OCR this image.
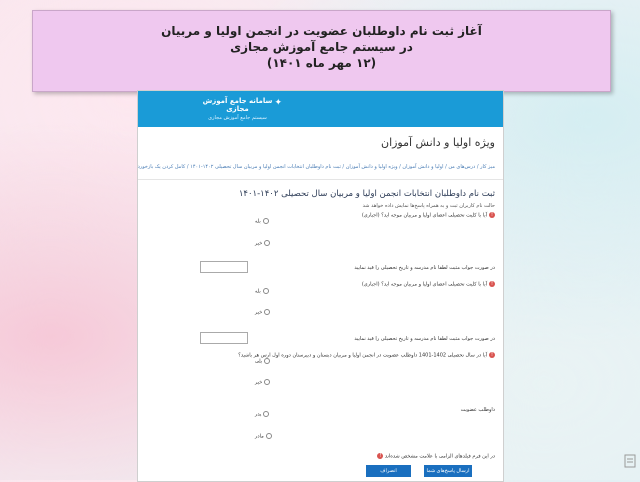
آغاز ثبت نام داوطلبان عضویت در انجمن اولیا و مربیان
در سیستم جامع آموزش مجازی
(۱۲ مهر ماه ۱۴۰۱)
سامانه جامع آموزش مجازی
سیستم جامع آموزش مجازی
✦
ویژه اولیا و دانش آموزان
میز کار / درس‌های من / اولیا و دانش آموزان / ویژه اولیا و دانش آموزان / ثبت نام داوطلبان انتخابات انجمن اولیا و مربیان سال تحصیلی ۱۴۰۲-۱۴۰۱ / کامل کردن یک بازخورد
ثبت نام داوطلبان انتخابات انجمن اولیا و مربیان سال تحصیلی ۱۴۰۲-۱۴۰۱
حالت نام کاربران ثبت و به همراه پاسخ‌ها نمایش داده خواهد شد
!آیا با کلیت تحصیلی اعضای اولیا و مربیان موجه اید؟ (اجباری)
بله
خیر
در صورت جواب مثبت لطفا نام مدرسه و تاریخ تحصیلی را قید نمایید
!آیا با کلیت تحصیلی اعضای اولیا و مربیان موجه اید؟ (اجباری)
بله
خیر
در صورت جواب مثبت لطفا نام مدرسه و تاریخ تحصیلی را قید نمایید
!آیا در سال تحصیلی 1402-1401 داوطلب عضویت در انجمن اولیا و مربیان دبستان و دبیرستان دوره اول ارس هر باشید؟
بلی
خیر
داوطلب عضویت
پدر
مادر
در این فرم فیلدهای الزامی با علامت مشخص شده‌اند !
ارسال پاسخ‌های شما
انصراف
